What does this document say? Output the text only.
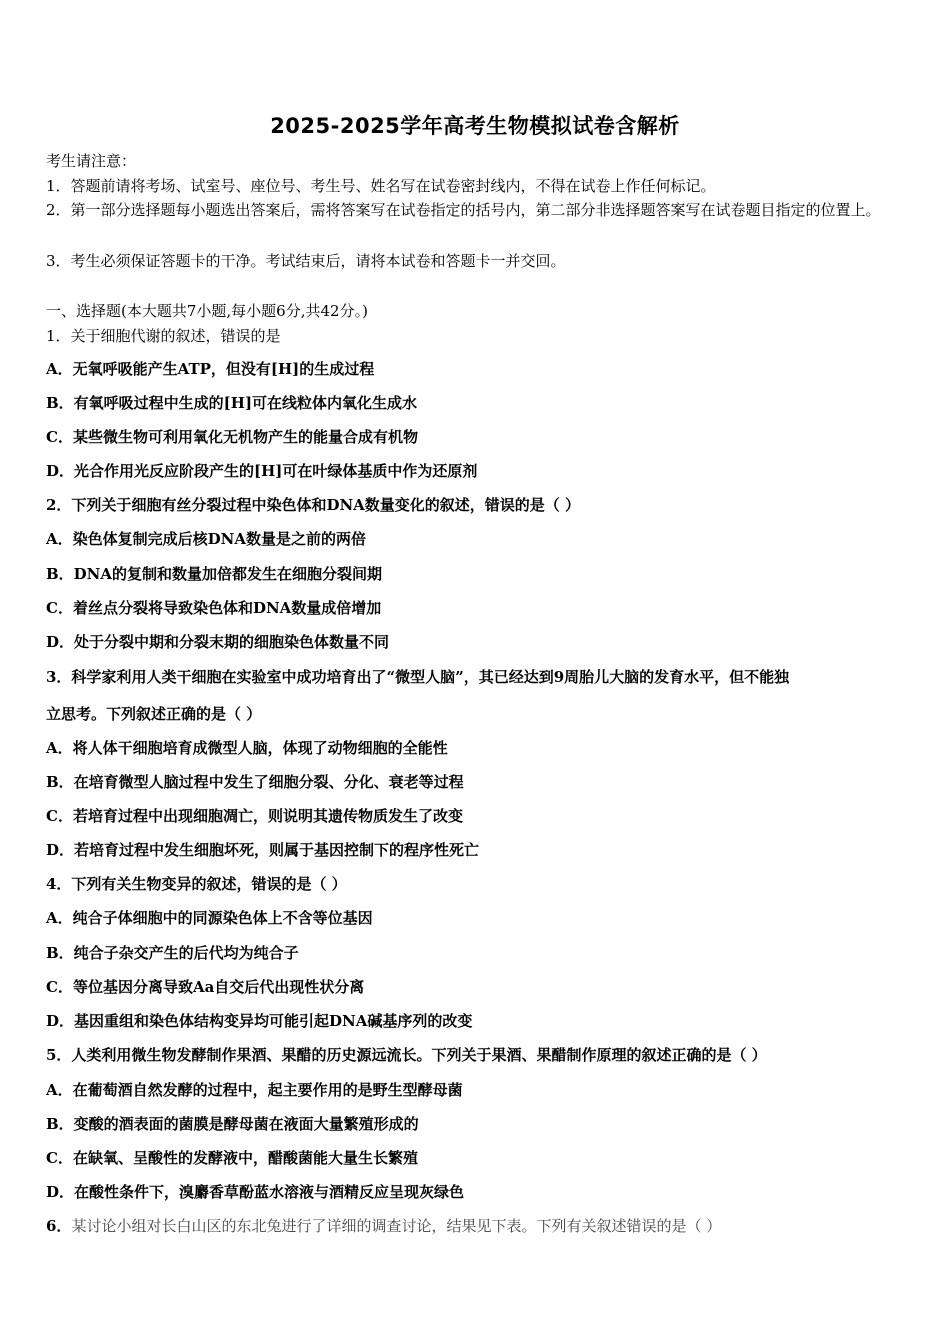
2025-2025学年高考生物模拟试卷含解析
考生请注意：
1．答题前请将考场、试室号、座位号、考生号、姓名写在试卷密封线内，不得在试卷上作任何标记。
2．第一部分选择题每小题选出答案后，需将答案写在试卷指定的括号内，第二部分非选择题答案写在试卷题目指定的位置上。
3．考生必须保证答题卡的干净。考试结束后，请将本试卷和答题卡一并交回。
一、选择题(本大题共7小题,每小题6分,共42分。)
1．关于细胞代谢的叙述，错误的是
A．无氧呼吸能产生ATP，但没有[H]的生成过程
B．有氧呼吸过程中生成的[H]可在线粒体内氧化生成水
C．某些微生物可利用氧化无机物产生的能量合成有机物
D．光合作用光反应阶段产生的[H]可在叶绿体基质中作为还原剂
2．下列关于细胞有丝分裂过程中染色体和DNA数量变化的叙述，错误的是（ ）
A．染色体复制完成后核DNA数量是之前的两倍
B．DNA的复制和数量加倍都发生在细胞分裂间期
C．着丝点分裂将导致染色体和DNA数量成倍增加
D．处于分裂中期和分裂末期的细胞染色体数量不同
3．科学家利用人类干细胞在实验室中成功培育出了“微型人脑”，其已经达到9周胎儿大脑的发育水平，但不能独
立思考。下列叙述正确的是（ ）
A．将人体干细胞培育成微型人脑，体现了动物细胞的全能性
B．在培育微型人脑过程中发生了细胞分裂、分化、衰老等过程
C．若培育过程中出现细胞凋亡，则说明其遗传物质发生了改变
D．若培育过程中发生细胞坏死，则属于基因控制下的程序性死亡
4．下列有关生物变异的叙述，错误的是（ ）
A．纯合子体细胞中的同源染色体上不含等位基因
B．纯合子杂交产生的后代均为纯合子
C．等位基因分离导致Aa自交后代出现性状分离
D．基因重组和染色体结构变异均可能引起DNA碱基序列的改变
5．人类利用微生物发酵制作果酒、果醋的历史源远流长。下列关于果酒、果醋制作原理的叙述正确的是（ ）
A．在葡萄酒自然发酵的过程中，起主要作用的是野生型酵母菌
B．变酸的酒表面的菌膜是酵母菌在液面大量繁殖形成的
C．在缺氧、呈酸性的发酵液中，醋酸菌能大量生长繁殖
D．在酸性条件下，溴麝香草酚蓝水溶液与酒精反应呈现灰绿色
6．某讨论小组对长白山区的东北兔进行了详细的调查讨论，结果见下表。下列有关叙述错误的是（ ）
